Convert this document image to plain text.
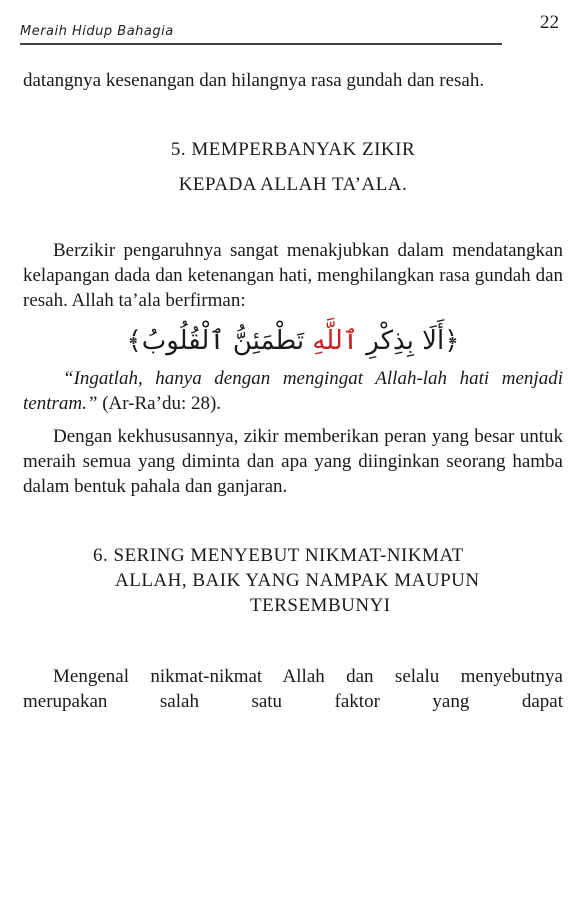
Meraih Hidup Bahagia	22

datangnya kesenangan dan hilangnya rasa gundah dan resah.

5. MEMPERBANYAK ZIKIR

KEPADA ALLAH TA’ALA.

Berzikir pengaruhnya sangat menakjubkan dalam mendatangkan kelapangan dada dan ketenangan hati, menghilangkan rasa gundah dan resah. Allah ta’ala berfirman:

﴿أَلَا بِذِكْرِ ٱللَّهِ تَطْمَئِنُّ ٱلْقُلُوبُ﴾

“Ingatlah, hanya dengan mengingat Allah-lah hati menjadi tentram.” (Ar-Ra’du: 28).

Dengan kekhususannya, zikir memberikan peran yang besar untuk meraih semua yang diminta dan apa yang diinginkan seorang hamba dalam bentuk pahala dan ganjaran.

6. SERING MENYEBUT NIKMAT-NIKMAT

ALLAH, BAIK YANG NAMPAK MAUPUN

TERSEMBUNYI

Mengenal nikmat-nikmat Allah dan selalu menyebutnya merupakan salah satu faktor yang dapat
